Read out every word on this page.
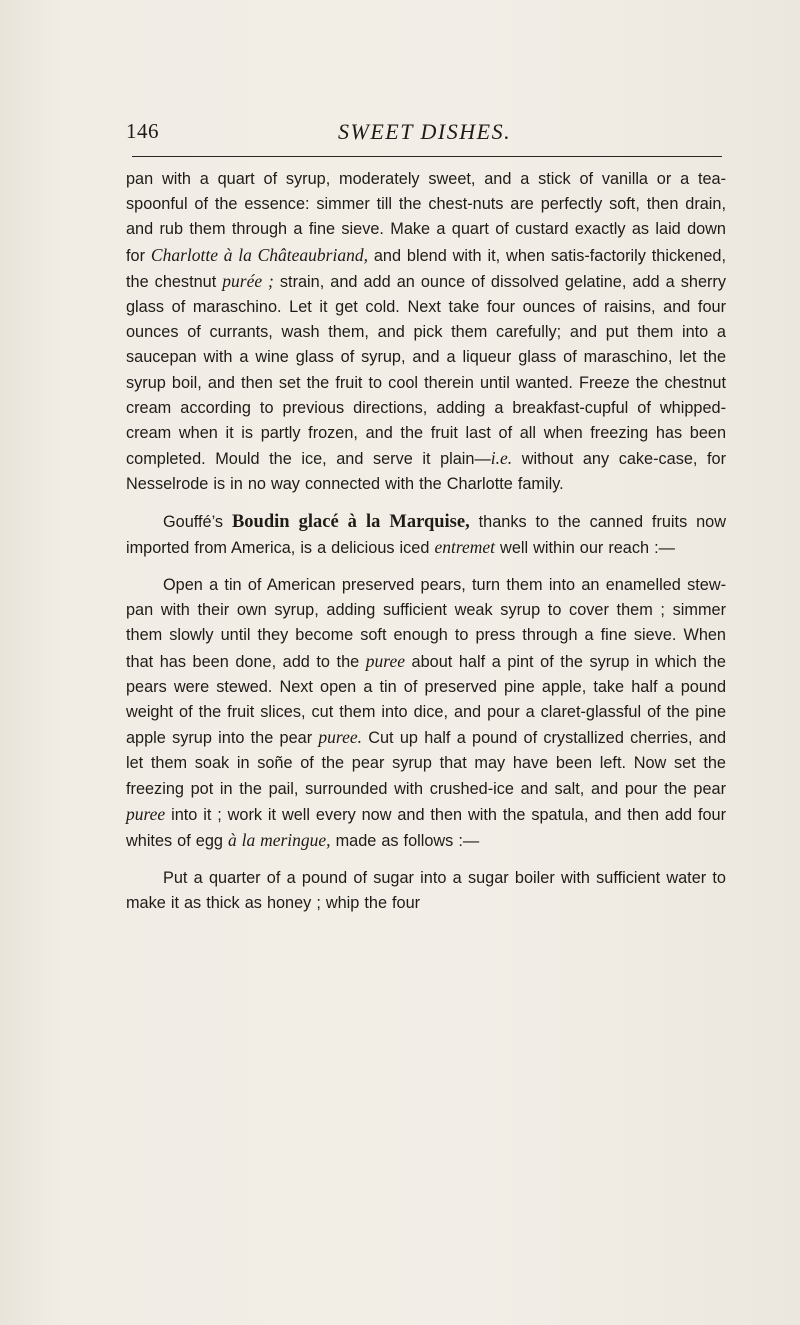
146	SWEET DISHES.

pan with a quart of syrup, moderately sweet, and a stick of vanilla or a tea-spoonful of the essence: simmer till the chest-nuts are perfectly soft, then drain, and rub them through a fine sieve. Make a quart of custard exactly as laid down for Charlotte à la Châteaubriand, and blend with it, when satis-factorily thickened, the chestnut purée ; strain, and add an ounce of dissolved gelatine, add a sherry glass of maraschino. Let it get cold. Next take four ounces of raisins, and four ounces of currants, wash them, and pick them carefully; and put them into a saucepan with a wine glass of syrup, and a liqueur glass of maraschino, let the syrup boil, and then set the fruit to cool therein until wanted. Freeze the chestnut cream according to previous directions, adding a breakfast-cupful of whipped-cream when it is partly frozen, and the fruit last of all when freezing has been completed. Mould the ice, and serve it plain—i.e. without any cake-case, for Nesselrode is in no way connected with the Charlotte family.

Gouffé’s Boudin glacé à la Marquise, thanks to the canned fruits now imported from America, is a delicious iced entremet well within our reach :—

Open a tin of American preserved pears, turn them into an enamelled stew-pan with their own syrup, adding sufficient weak syrup to cover them ; simmer them slowly until they become soft enough to press through a fine sieve. When that has been done, add to the puree about half a pint of the syrup in which the pears were stewed. Next open a tin of preserved pine apple, take half a pound weight of the fruit slices, cut them into dice, and pour a claret-glassful of the pine apple syrup into the pear puree. Cut up half a pound of crystallized cherries, and let them soak in soñe of the pear syrup that may have been left. Now set the freezing pot in the pail, surrounded with crushed-ice and salt, and pour the pear puree into it ; work it well every now and then with the spatula, and then add four whites of egg à la meringue, made as follows :—

Put a quarter of a pound of sugar into a sugar boiler with sufficient water to make it as thick as honey ; whip the four
